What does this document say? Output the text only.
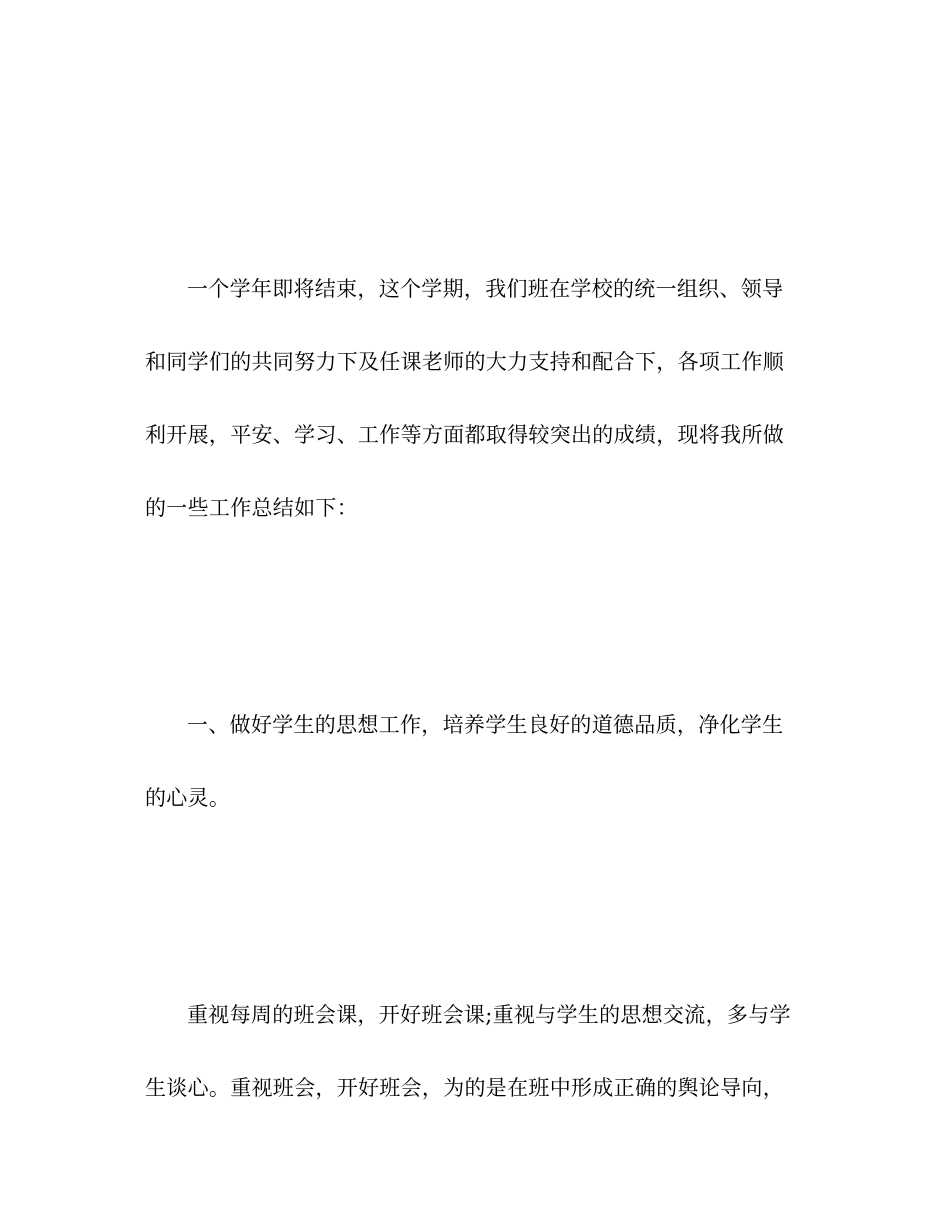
一个学年即将结束，这个学期，我们班在学校的统一组织、领导
和同学们的共同努力下及任课老师的大力支持和配合下，各项工作顺
利开展，平安、学习、工作等方面都取得较突出的成绩，现将我所做
的一些工作总结如下：
一、做好学生的思想工作，培养学生良好的道德品质，净化学生
的心灵。
重视每周的班会课，开好班会课;重视与学生的思想交流，多与学
生谈心。重视班会，开好班会，为的是在班中形成正确的舆论导向，
